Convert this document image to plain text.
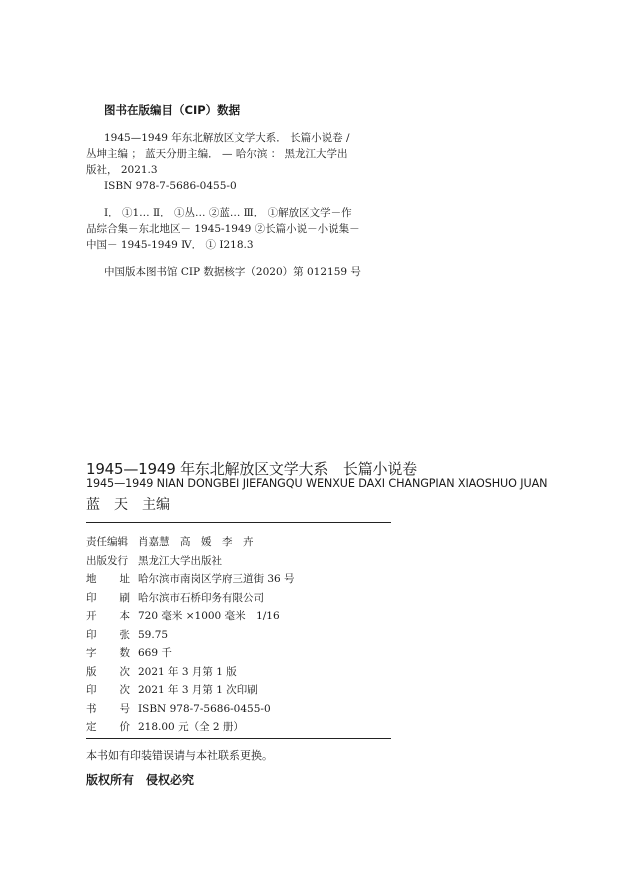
图书在版编目（CIP）数据
1945—1949 年东北解放区文学大系． 长篇小说卷 /
丛坤主编 ； 蓝天分册主编． — 哈尔滨 ： 黑龙江大学出
版社， 2021.3
ISBN 978-7-5686-0455-0
Ⅰ． ①1… Ⅱ． ①丛… ②蓝… Ⅲ． ①解放区文学－作
品综合集－东北地区－ 1945-1949 ②长篇小说－小说集－
中国－ 1945-1949 Ⅳ． ① I218.3
中国版本图书馆 CIP 数据核字（2020）第 012159 号
1945—1949 年东北解放区文学大系　长篇小说卷
1945—1949 NIAN DONGBEI JIEFANGQU WENXUE DAXI CHANGPIAN XIAOSHUO JUAN
蓝　天　主编
责任编辑 肖嘉慧　高　媛　李　卉
出版发行 黑龙江大学出版社
地 址 哈尔滨市南岗区学府三道街 36 号
印 刷 哈尔滨市石桥印务有限公司
开 本 720 毫米 ×1000 毫米　1/16
印 张 59.75
字 数 669 千
版 次 2021 年 3 月第 1 版
印 次 2021 年 3 月第 1 次印刷
书 号 ISBN 978-7-5686-0455-0
定 价 218.00 元（全 2 册）
本书如有印装错误请与本社联系更换。
版权所有　侵权必究
